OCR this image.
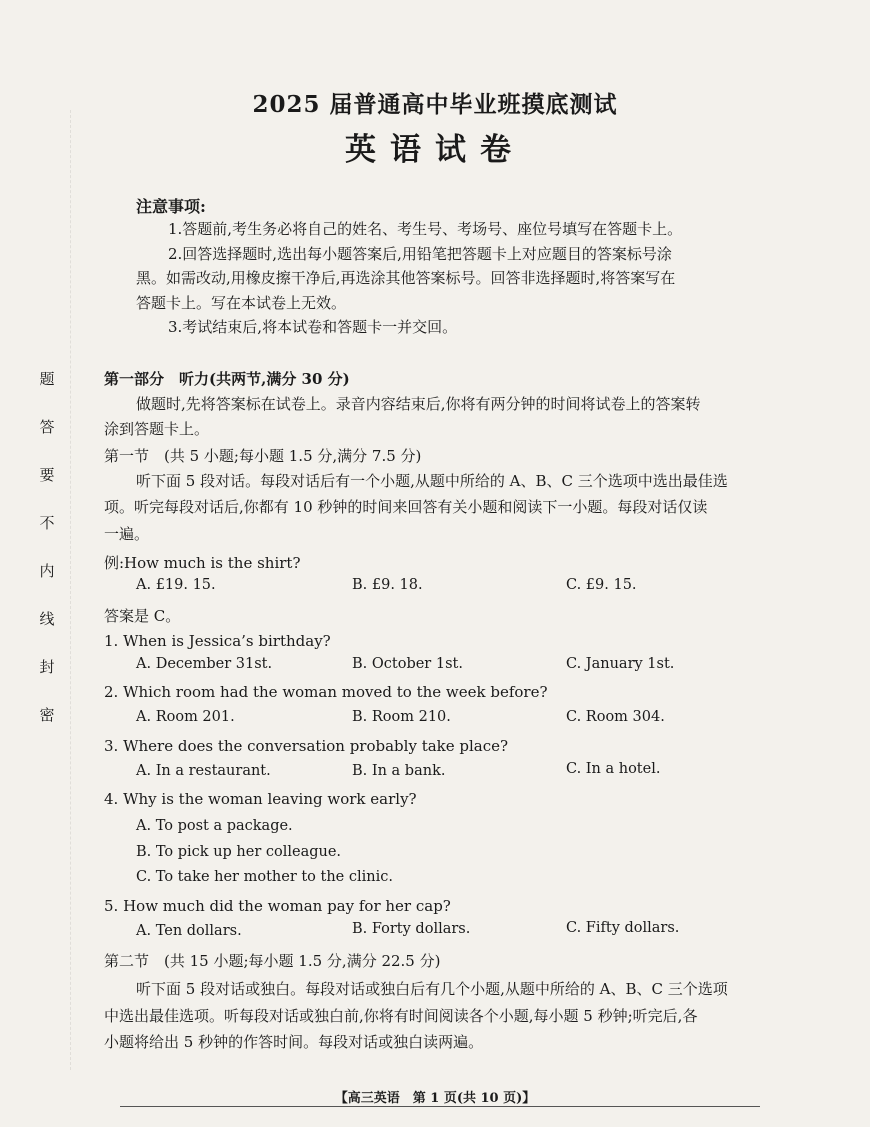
题
答
要
不
内
线
封
密
2025 届普通高中毕业班摸底测试
英语试卷
注意事项:
1.答题前,考生务必将自己的姓名、考生号、考场号、座位号填写在答题卡上。
2.回答选择题时,选出每小题答案后,用铅笔把答题卡上对应题目的答案标号涂
黑。如需改动,用橡皮擦干净后,再选涂其他答案标号。回答非选择题时,将答案写在
答题卡上。写在本试卷上无效。
3.考试结束后,将本试卷和答题卡一并交回。
第一部分　听力(共两节,满分 30 分)
做题时,先将答案标在试卷上。录音内容结束后,你将有两分钟的时间将试卷上的答案转
涂到答题卡上。
第一节　(共 5 小题;每小题 1.5 分,满分 7.5 分)
听下面 5 段对话。每段对话后有一个小题,从题中所给的 A、B、C 三个选项中选出最佳选
项。听完每段对话后,你都有 10 秒钟的时间来回答有关小题和阅读下一小题。每段对话仅读
一遍。
例:How much is the shirt?
A. £19. 15.	B. £9. 18.	C. £9. 15.
答案是 C。
1. When is Jessica’s birthday?
A. December 31st.	B. October 1st.	C. January 1st.
2. Which room had the woman moved to the week before?
A. Room 201.	B. Room 210.	C. Room 304.
3. Where does the conversation probably take place?
A. In a restaurant.	B. In a bank.	C. In a hotel.
4. Why is the woman leaving work early?
A. To post a package.
B. To pick up her colleague.
C. To take her mother to the clinic.
5. How much did the woman pay for her cap?
A. Ten dollars.	B. Forty dollars.	C. Fifty dollars.
第二节　(共 15 小题;每小题 1.5 分,满分 22.5 分)
听下面 5 段对话或独白。每段对话或独白后有几个小题,从题中所给的 A、B、C 三个选项
中选出最佳选项。听每段对话或独白前,你将有时间阅读各个小题,每小题 5 秒钟;听完后,各
小题将给出 5 秒钟的作答时间。每段对话或独白读两遍。
【高三英语　第 1 页(共 10 页)】
